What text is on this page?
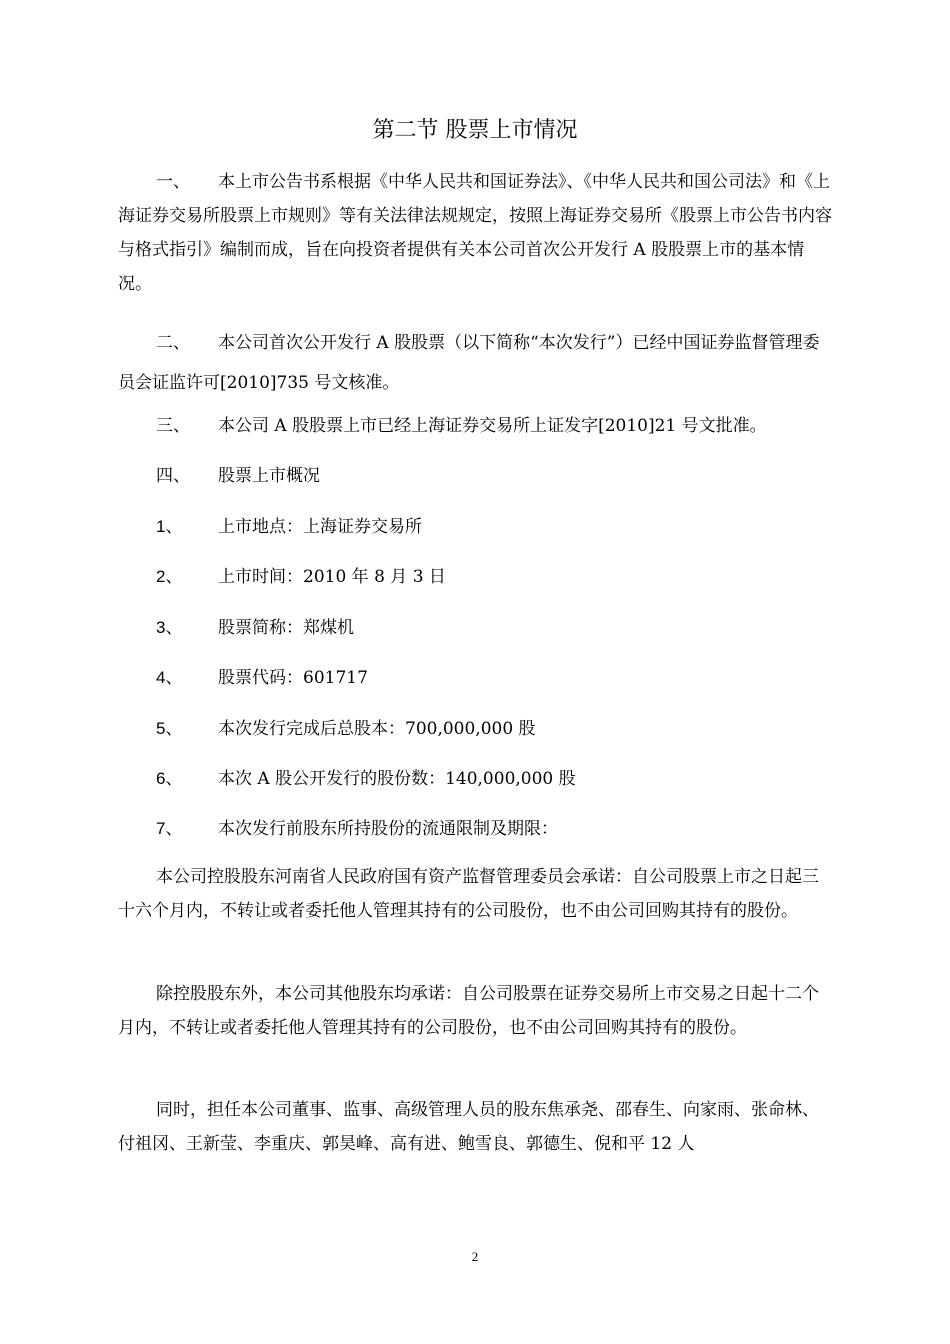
第二节 股票上市情况
一、 本上市公告书系根据《中华人民共和国证券法》、《中华人民共和国公司法》和《上海证券交易所股票上市规则》等有关法律法规规定，按照上海证券交易所《股票上市公告书内容与格式指引》编制而成，旨在向投资者提供有关本公司首次公开发行 A 股股票上市的基本情况。
二、 本公司首次公开发行 A 股股票（以下简称“本次发行”）已经中国证券监督管理委员会证监许可[2010]735 号文核准。
三、 本公司 A 股股票上市已经上海证券交易所上证发字[2010]21 号文批准。
四、 股票上市概况
1、 上市地点：上海证券交易所
2、 上市时间：2010 年 8 月 3 日
3、 股票简称：郑煤机
4、 股票代码：601717
5、 本次发行完成后总股本：700,000,000 股
6、 本次 A 股公开发行的股份数：140,000,000 股
7、 本次发行前股东所持股份的流通限制及期限：
本公司控股股东河南省人民政府国有资产监督管理委员会承诺：自公司股票上市之日起三十六个月内，不转让或者委托他人管理其持有的公司股份，也不由公司回购其持有的股份。
除控股股东外，本公司其他股东均承诺：自公司股票在证券交易所上市交易之日起十二个月内，不转让或者委托他人管理其持有的公司股份，也不由公司回购其持有的股份。
同时，担任本公司董事、监事、高级管理人员的股东焦承尧、邵春生、向家雨、张命林、付祖冈、王新莹、李重庆、郭昊峰、高有进、鲍雪良、郭德生、倪和平 12 人
2
